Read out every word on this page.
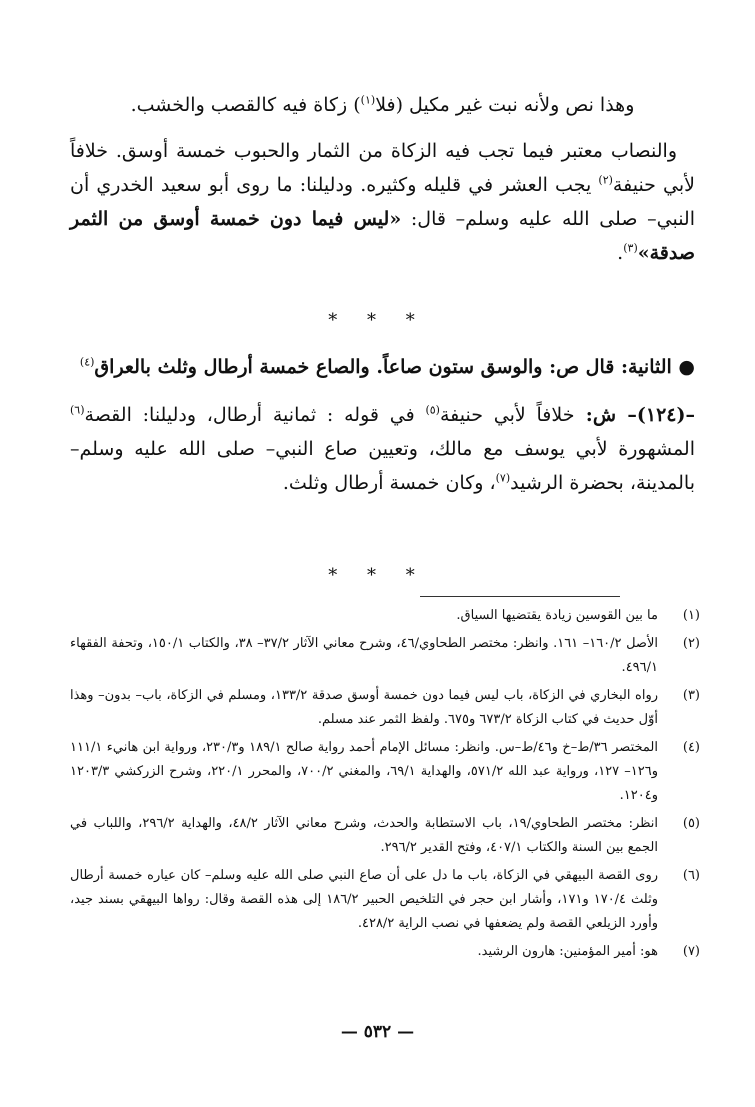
وهذا نص ولأنه نبت غير مكيل (فلا$^{(١)}$) زكاة فيه كالقصب والخشب.

والنصاب معتبر فيما تجب فيه الزكاة من الثمار والحبوب خمسة أوسق. خلافاً لأبي حنيفة$^{(٢)}$ يجب العشر في قليله وكثيره. ودليلنا: ما روى أبو سعيد الخدري أن النبي– صلى الله عليه وسلم– قال: «ليس فيما دون خمسة أوسق من الثمر صدقة»$^{(٣)}$.

* * *

● الثانية: قال ص: والوسق ستون صاعاً. والصاع خمسة أرطال وثلث بالعراق$^{(٤)}$

–(١٢٤)– ش: خلافاً لأبي حنيفة$^{(٥)}$ في قوله : ثمانية أرطال، ودليلنا: القصة$^{(٦)}$ المشهورة لأبي يوسف مع مالك، وتعيين صاع النبي– صلى الله عليه وسلم– بالمدينة، بحضرة الرشيد$^{(٧)}$، وكان خمسة أرطال وثلث.

* * *
(١)
ما بين القوسين زيادة يقتضيها السياق.
(٢)
الأصل ١٦٠/٢– ١٦١. وانظر: مختصر الطحاوي/٤٦، وشرح معاني الآثار ٣٧/٢– ٣٨، والكتاب ١٥٠/١، وتحفة الفقهاء ٤٩٦/١.
(٣)
رواه البخاري في الزكاة، باب ليس فيما دون خمسة أوسق صدقة ١٣٣/٢، ومسلم في الزكاة، باب– بدون– وهذا أوّل حديث في كتاب الزكاة ٦٧٣/٢ و٦٧٥. ولفظ الثمر عند مسلم.
(٤)
المختصر ٣٦/ط–خ و٤٦/ط–س. وانظر: مسائل الإمام أحمد رواية صالح ١٨٩/١ و٢٣٠/٣، ورواية ابن هانيء ١١١/١ و١٢٦– ١٢٧، ورواية عبد الله ٥٧١/٢، والهداية ٦٩/١، والمغني ٧٠٠/٢، والمحرر ٢٢٠/١، وشرح الزركشي ١٢٠٣/٣ و١٢٠٤.
(٥)
انظر: مختصر الطحاوي/١٩، باب الاستطابة والحدث، وشرح معاني الآثار ٤٨/٢، والهداية ٢٩٦/٢، واللباب في الجمع بين السنة والكتاب ٤٠٧/١، وفتح القدير ٢٩٦/٢.
(٦)
روى القصة البيهقي في الزكاة، باب ما دل على أن صاع النبي صلى الله عليه وسلم– كان عياره خمسة أرطال وثلث ١٧٠/٤ و١٧١، وأشار ابن حجر في التلخيص الحبير ١٨٦/٢ إلى هذه القصة وقال: رواها البيهقي بسند جيد، وأورد الزيلعي القصة ولم يضعفها في نصب الراية ٤٢٨/٢.
(٧)
هو: أمير المؤمنين: هارون الرشيد.
— ٥٣٢ —
